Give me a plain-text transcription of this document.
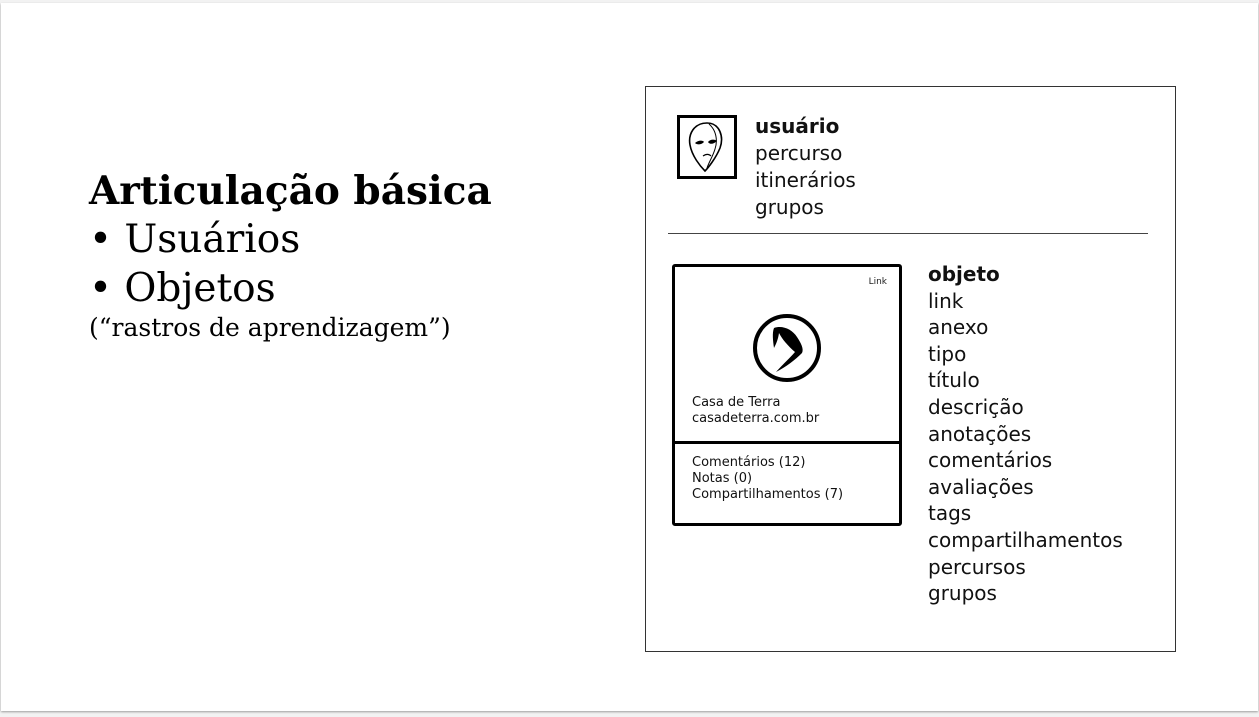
Articulação básica
• Usuários
• Objetos
(“rastros de aprendizagem”)
usuário
percurso
itinerários
grupos
Link
Casa de Terra
casadeterra.com.br
Comentários (12)
Notas (0)
Compartilhamentos (7)
objeto
link
anexo
tipo
título
descrição
anotações
comentários
avaliações
tags
compartilhamentos
percursos
grupos
